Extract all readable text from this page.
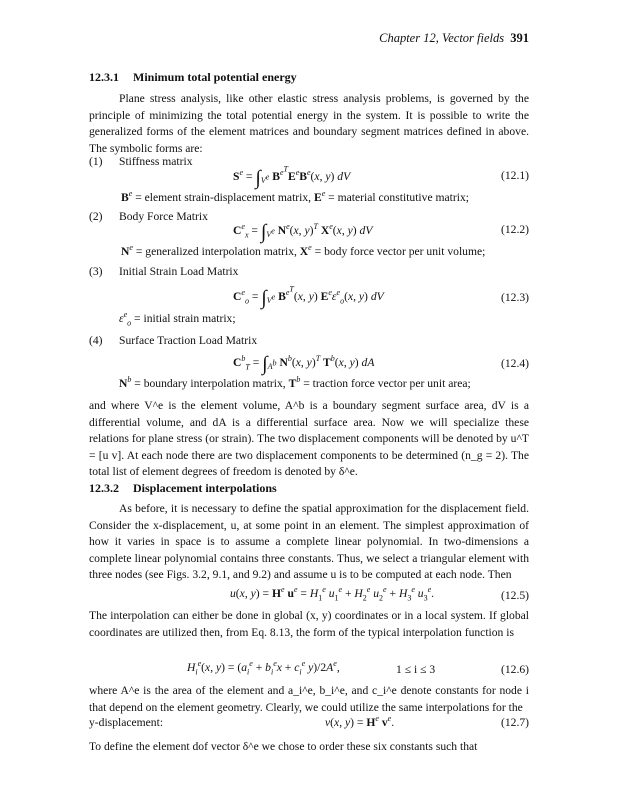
Chapter 12, Vector fields 391
12.3.1 Minimum total potential energy

Plane stress analysis, like other elastic stress analysis problems, is governed by the principle of minimizing the total potential energy in the system. It is possible to write the generalized forms of the element matrices and boundary segment matrices defined in above. The symbolic forms are:

(1) Stiffness matrix
$S^e = \int_{V^e}$ $B^{e^T}E^eB^e(x$, y) dV	(12.1)
$B^e$ = element strain-displacement matrix, $E^e$ = material constitutive matrix;
(2) Body Force Matrix
$C^e_x = \int_{V^e}$ $N^e(x$, y)$^T$ Xe(x, y) dV	(12.2)
$N^e$ = generalized interpolation matrix, $X^e$ = body force vector per unit volume;
(3) Initial Strain Load Matrix
$C^e_o = \int_{V^e}$ $B^{e^T}(x$, y) $E^e\varepsilon^e_o(x$, y) dV	(12.3)
$\varepsilon^e_o$ = initial strain matrix;
(4) Surface Traction Load Matrix
$C^b_T = \int_{A^b}$ $N^b(x$, y)$^T$ $T^b(x$, y) dA	(12.4)
$N^b$ = boundary interpolation matrix, $T^b$ = traction force vector per unit area;

and where V^e is the element volume, A^b is a boundary segment surface area, dV is a differential volume, and dA is a differential surface area. Now we will specialize these relations for plane stress (or strain). The two displacement components will be denoted by u^T = [u v]. At each node there are two displacement components to be determined (n_g = 2). The total list of element degrees of freedom is denoted by δ^e.

12.3.2 Displacement interpolations

As before, it is necessary to define the spatial approximation for the displacement field. Consider the x-displacement, u, at some point in an element. The simplest approximation of how it varies in space is to assume a complete linear polynomial. In two-dimensions a complete linear polynomial contains three constants. Thus, we select a triangular element with three nodes (see Figs. 3.2, 9.1, and 9.2) and assume u is to be computed at each node. Then

u(x, $y) = H^e$ $u^e = H_1^e$ $u_1^e + H_2^e$ $u_2^e + H_3^e$ $u_3^e$.	(12.5)

The interpolation can either be done in global (x, y) coordinates or in a local system. If global coordinates are utilized then, from Eq. 8.13, the form of the typical interpolation function is

$H_i^e(x$, $y) = (a_i^e + b_i^ex + c_i^e$ $y)/2A^e$,	1 ≤ i ≤ 3	(12.6)

where A^e is the area of the element and a_i^e, b_i^e, and c_i^e denote constants for node i that depend on the element geometry. Clearly, we could utilize the same interpolations for the

y-displacement:	v(x, $y) = H^e$ $v^e$.	(12.7)

To define the element dof vector δ^e we chose to order these six constants such that
